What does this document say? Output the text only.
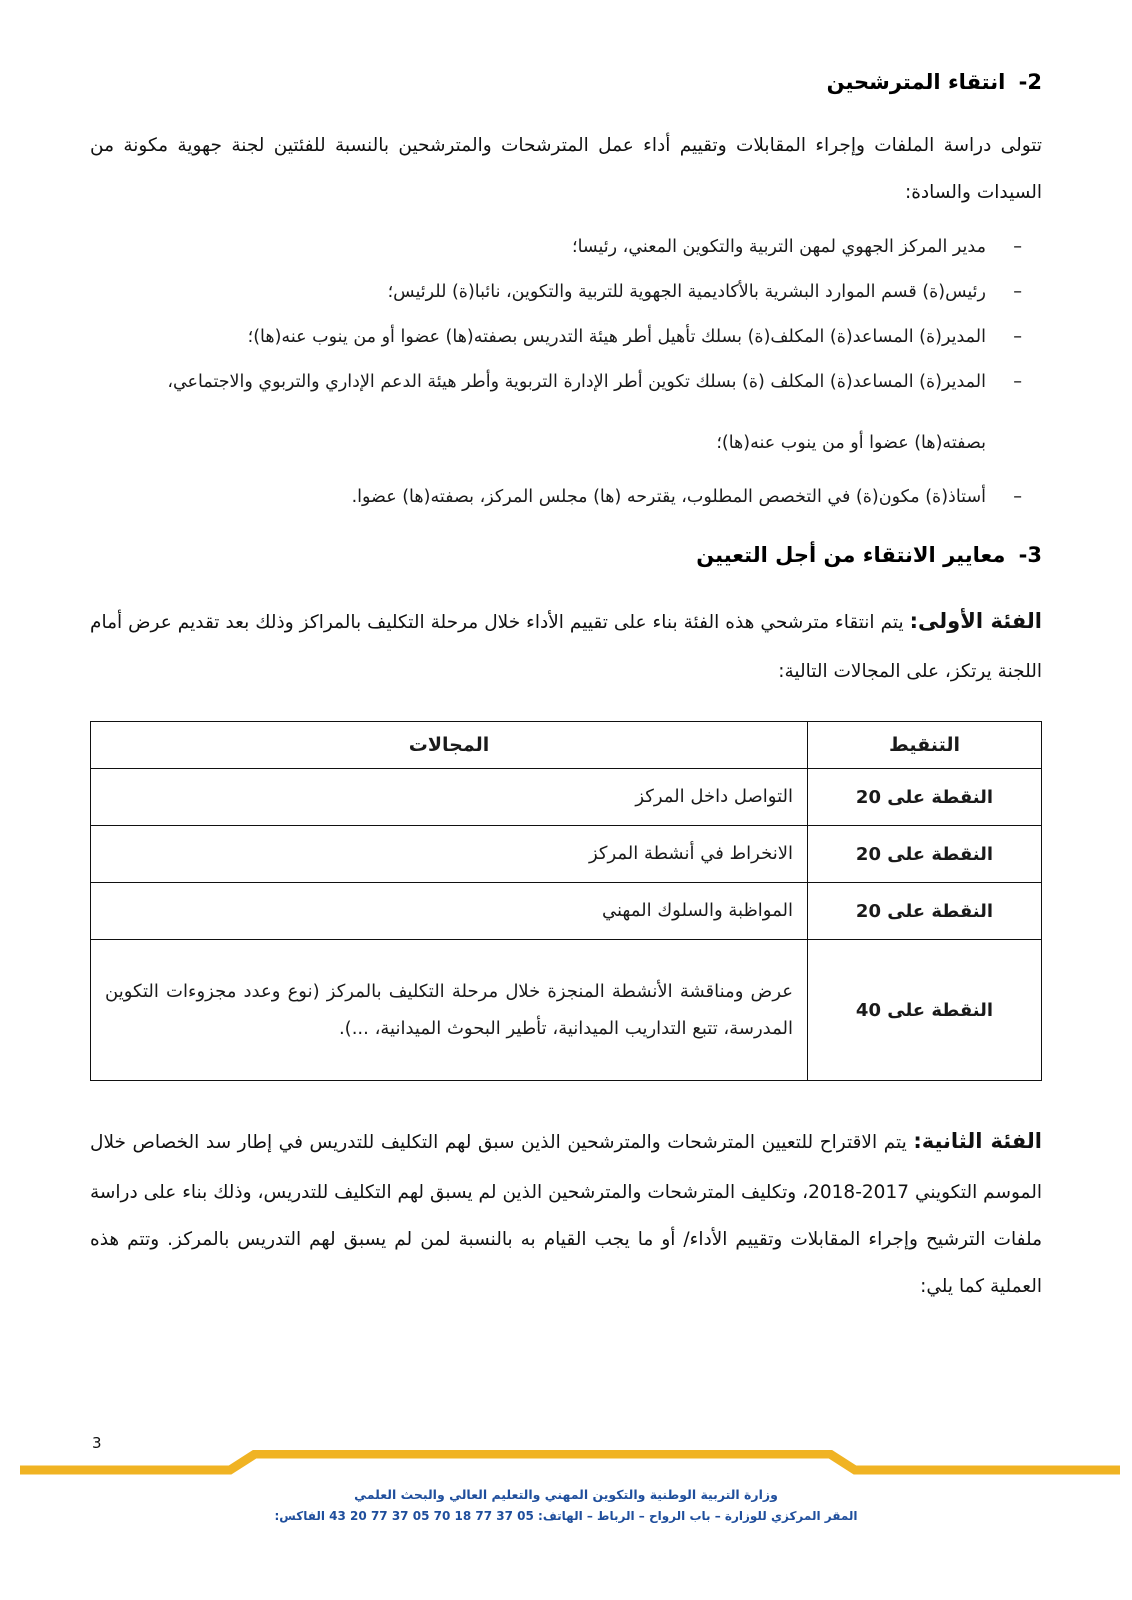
2- انتقاء المترشحين

تتولى دراسة الملفات وإجراء المقابلات وتقييم أداء عمل المترشحات والمترشحين بالنسبة للفئتين لجنة جهوية مكونة من السيدات والسادة:

– مدير المركز الجهوي لمهن التربية والتكوين المعني، رئيسا؛
– رئيس(ة) قسم الموارد البشرية بالأكاديمية الجهوية للتربية والتكوين، نائبا(ة) للرئيس؛
– المدير(ة) المساعد(ة) المكلف(ة) بسلك تأهيل أطر هيئة التدريس بصفته(ها) عضوا أو من ينوب عنه(ها)؛
– المدير(ة) المساعد(ة) المكلف (ة) بسلك تكوين أطر الإدارة التربوية وأطر هيئة الدعم الإداري والتربوي والاجتماعي،
بصفته(ها) عضوا أو من ينوب عنه(ها)؛
– أستاذ(ة) مكون(ة) في التخصص المطلوب، يقترحه (ها) مجلس المركز، بصفته(ها) عضوا.
3- معايير الانتقاء من أجل التعيين

الفئة الأولى: يتم انتقاء مترشحي هذه الفئة بناء على تقييم الأداء خلال مرحلة التكليف بالمراكز وذلك بعد تقديم عرض أمام اللجنة يرتكز، على المجالات التالية:

التنقيط	المجالات
النقطة على 20	التواصل داخل المركز
النقطة على 20	الانخراط في أنشطة المركز
النقطة على 20	المواظبة والسلوك المهني
النقطة على 40	عرض ومناقشة الأنشطة المنجزة خلال مرحلة التكليف بالمركز (نوع وعدد مجزوءات التكوين المدرسة، تتبع التداريب الميدانية، تأطير البحوث الميدانية، ...).

الفئة الثانية: يتم الاقتراح للتعيين المترشحات والمترشحين الذين سبق لهم التكليف للتدريس في إطار سد الخصاص خلال الموسم التكويني 2017-2018، وتكليف المترشحات والمترشحين الذين لم يسبق لهم التكليف للتدريس، وذلك بناء على دراسة ملفات الترشيح وإجراء المقابلات وتقييم الأداء/ أو ما يجب القيام به بالنسبة لمن لم يسبق لهم التدريس بالمركز. وتتم هذه العملية كما يلي:

3
وزارة التربية الوطنية والتكوين المهني والتعليم العالي والبحث العلمي
المقر المركزي للوزارة – باب الرواح – الرباط – الهاتف: 05 37 77 18 70 05 37 77 20 43 الفاكس:
